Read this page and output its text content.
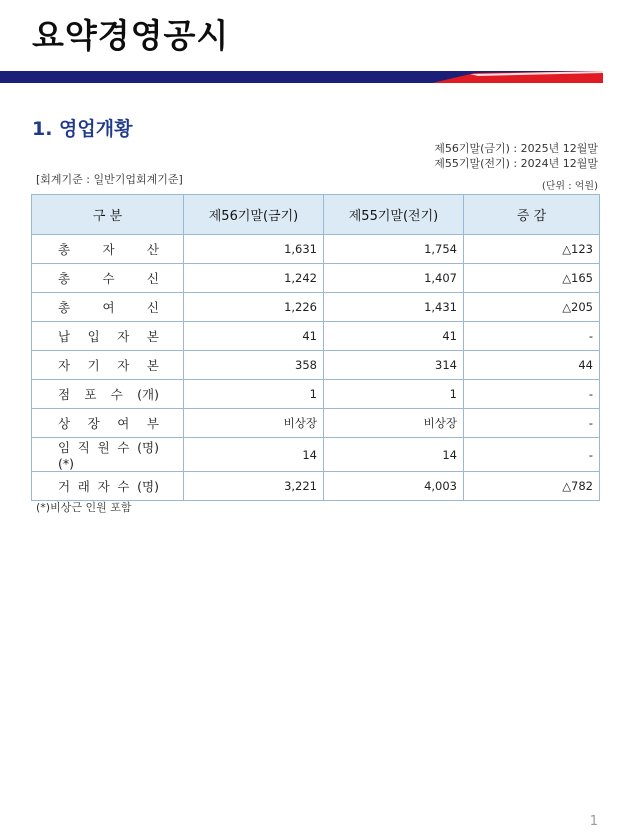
요약경영공시
1. 영업개황
제56기말(금기) : 2025년 12월말
제55기말(전기) : 2024년 12월말
[회계기준 : 일반기업회계기준]
(단위 : 억원)
구 분	제56기말(금기)	제55기말(전기)	증 감
총 자 산	1,631	1,754	△123
총 수 신	1,242	1,407	△165
총 여 신	1,226	1,431	△205
납 입 자 본	41	41	-
자 기 자 본	358	314	44
점 포 수 (개)	1	1	-
상 장 여 부	비상장	비상장	-
임 직 원 수 (명) (*)	14	14	-
거 래 자 수 (명)	3,221	4,003	△782
(*)비상근 인원 포함
1
